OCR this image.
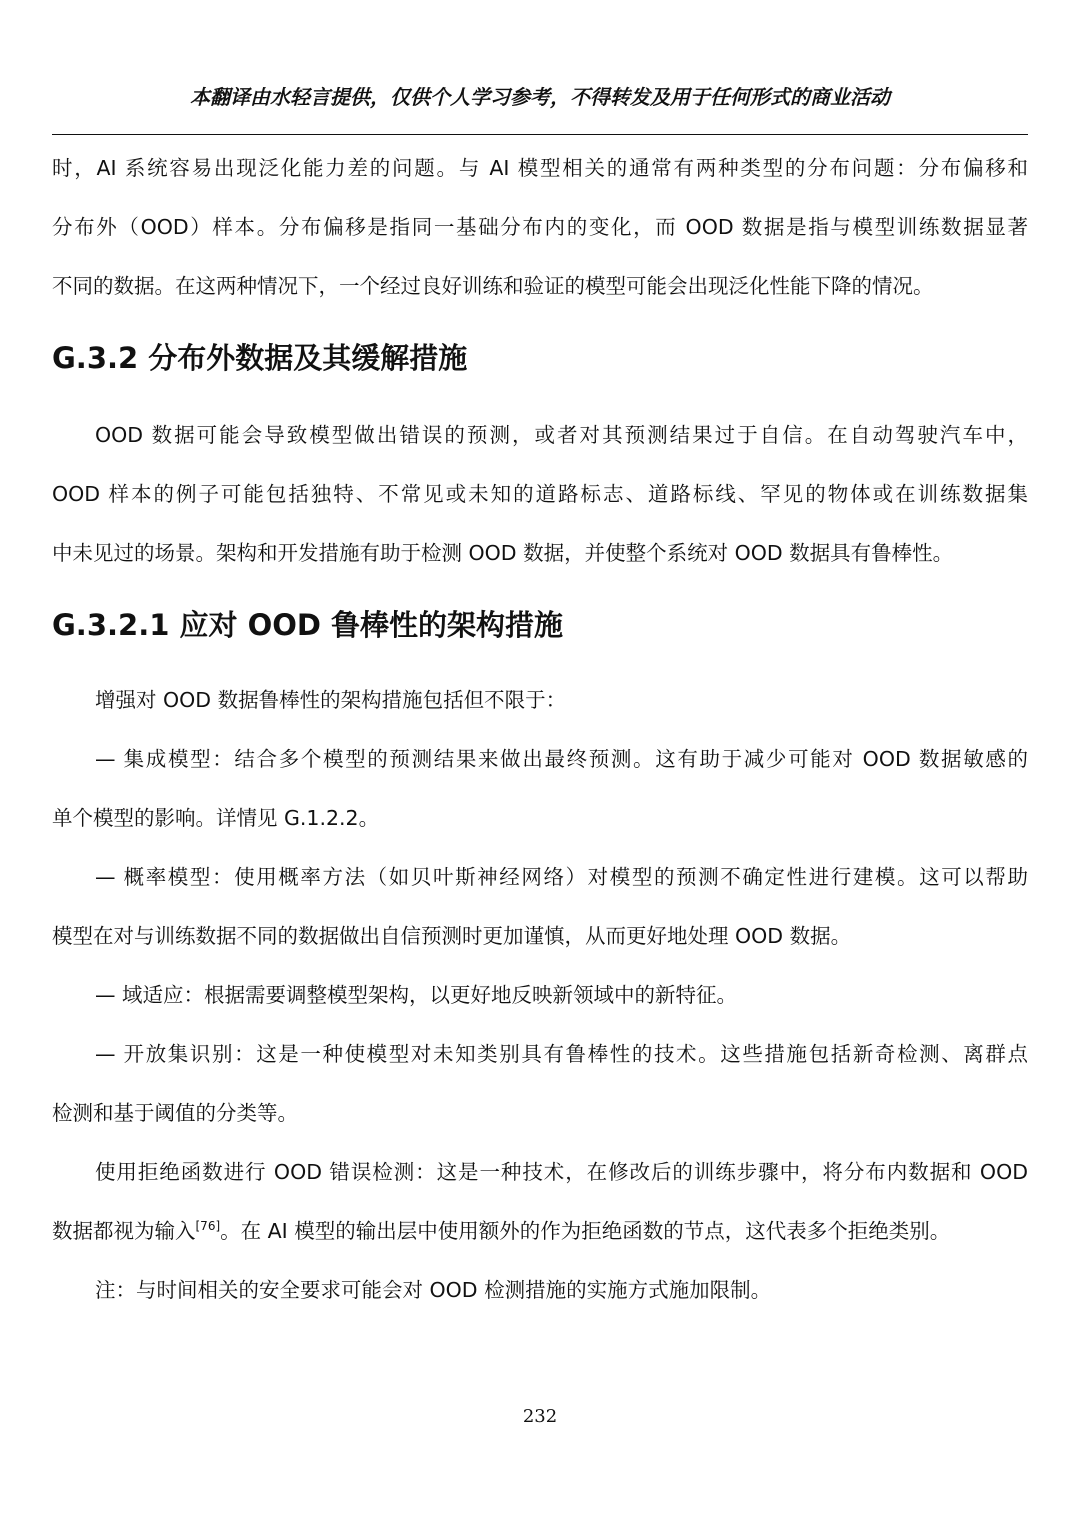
本翻译由水轻言提供，仅供个人学习参考，不得转发及用于任何形式的商业活动
时，AI 系统容易出现泛化能力差的问题。与 AI 模型相关的通常有两种类型的分布问题：分布偏移和
分布外（OOD）样本。分布偏移是指同一基础分布内的变化，而 OOD 数据是指与模型训练数据显著
不同的数据。在这两种情况下，一个经过良好训练和验证的模型可能会出现泛化性能下降的情况。
G.3.2 分布外数据及其缓解措施
OOD 数据可能会导致模型做出错误的预测，或者对其预测结果过于自信。在自动驾驶汽车中，
OOD 样本的例子可能包括独特、不常见或未知的道路标志、道路标线、罕见的物体或在训练数据集
中未见过的场景。架构和开发措施有助于检测 OOD 数据，并使整个系统对 OOD 数据具有鲁棒性。
G.3.2.1 应对 OOD 鲁棒性的架构措施
增强对 OOD 数据鲁棒性的架构措施包括但不限于：
— 集成模型：结合多个模型的预测结果来做出最终预测。这有助于减少可能对 OOD 数据敏感的
单个模型的影响。详情见 G.1.2.2。
— 概率模型：使用概率方法（如贝叶斯神经网络）对模型的预测不确定性进行建模。这可以帮助
模型在对与训练数据不同的数据做出自信预测时更加谨慎，从而更好地处理 OOD 数据。
— 域适应：根据需要调整模型架构，以更好地反映新领域中的新特征。
— 开放集识别：这是一种使模型对未知类别具有鲁棒性的技术。这些措施包括新奇检测、离群点
检测和基于阈值的分类等。
使用拒绝函数进行 OOD 错误检测：这是一种技术，在修改后的训练步骤中，将分布内数据和 OOD
数据都视为输入[76]。在 AI 模型的输出层中使用额外的作为拒绝函数的节点，这代表多个拒绝类别。
注：与时间相关的安全要求可能会对 OOD 检测措施的实施方式施加限制。
232
